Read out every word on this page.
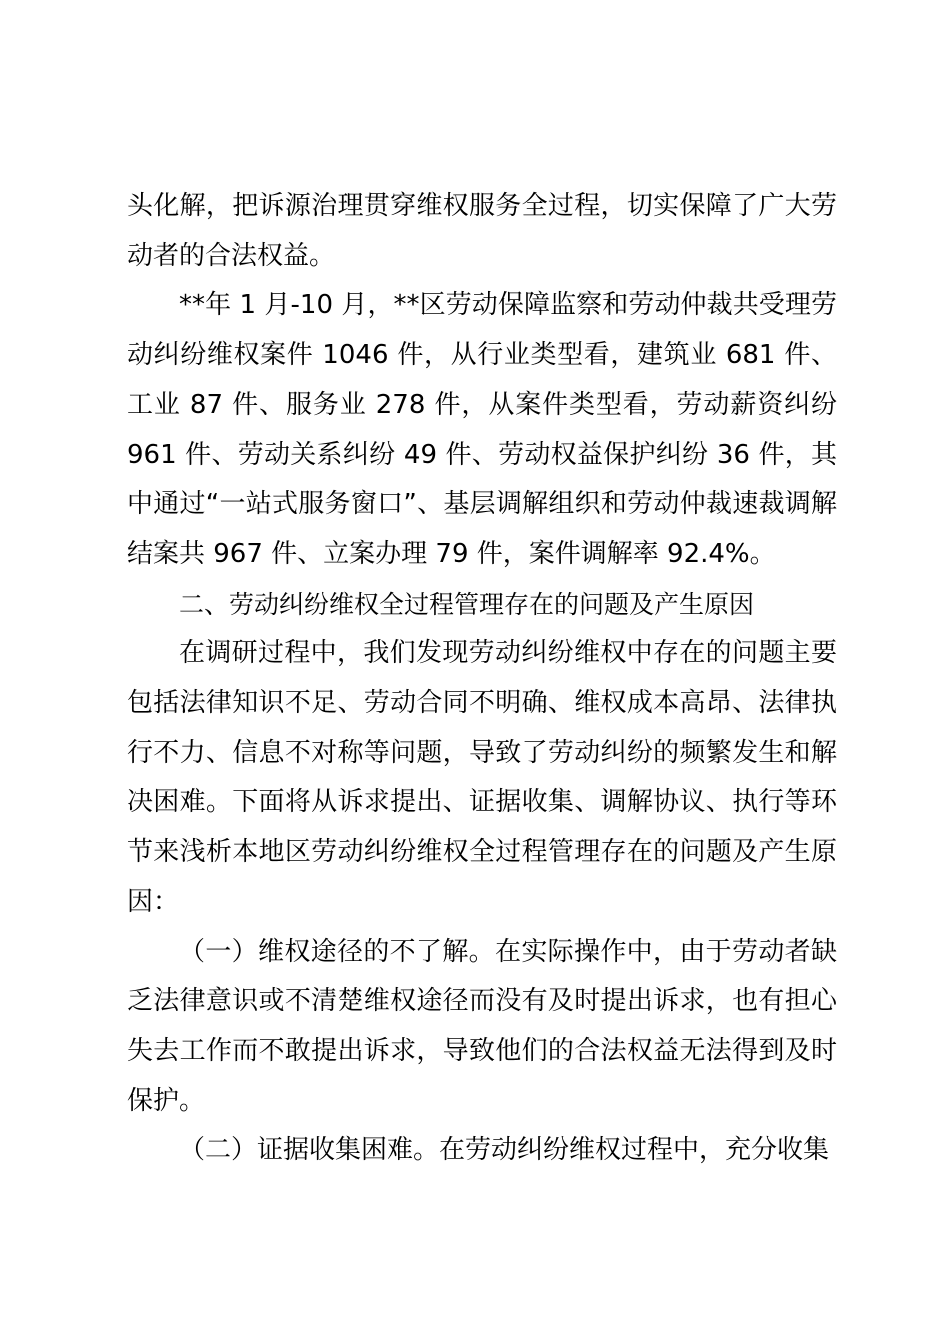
头化解，把诉源治理贯穿维权服务全过程，切实保障了广大劳动者的合法权益。

**年 1 月-10 月，**区劳动保障监察和劳动仲裁共受理劳动纠纷维权案件 1046 件，从行业类型看，建筑业 681 件、工业 87 件、服务业 278 件，从案件类型看，劳动薪资纠纷 961 件、劳动关系纠纷 49 件、劳动权益保护纠纷 36 件，其中通过“一站式服务窗口”、基层调解组织和劳动仲裁速裁调解结案共 967 件、立案办理 79 件，案件调解率 92.4%。

二、劳动纠纷维权全过程管理存在的问题及产生原因

在调研过程中，我们发现劳动纠纷维权中存在的问题主要包括法律知识不足、劳动合同不明确、维权成本高昂、法律执行不力、信息不对称等问题，导致了劳动纠纷的频繁发生和解决困难。下面将从诉求提出、证据收集、调解协议、执行等环节来浅析本地区劳动纠纷维权全过程管理存在的问题及产生原因：

（一）维权途径的不了解。在实际操作中，由于劳动者缺乏法律意识或不清楚维权途径而没有及时提出诉求，也有担心失去工作而不敢提出诉求，导致他们的合法权益无法得到及时保护。

（二）证据收集困难。在劳动纠纷维权过程中，充分收集
